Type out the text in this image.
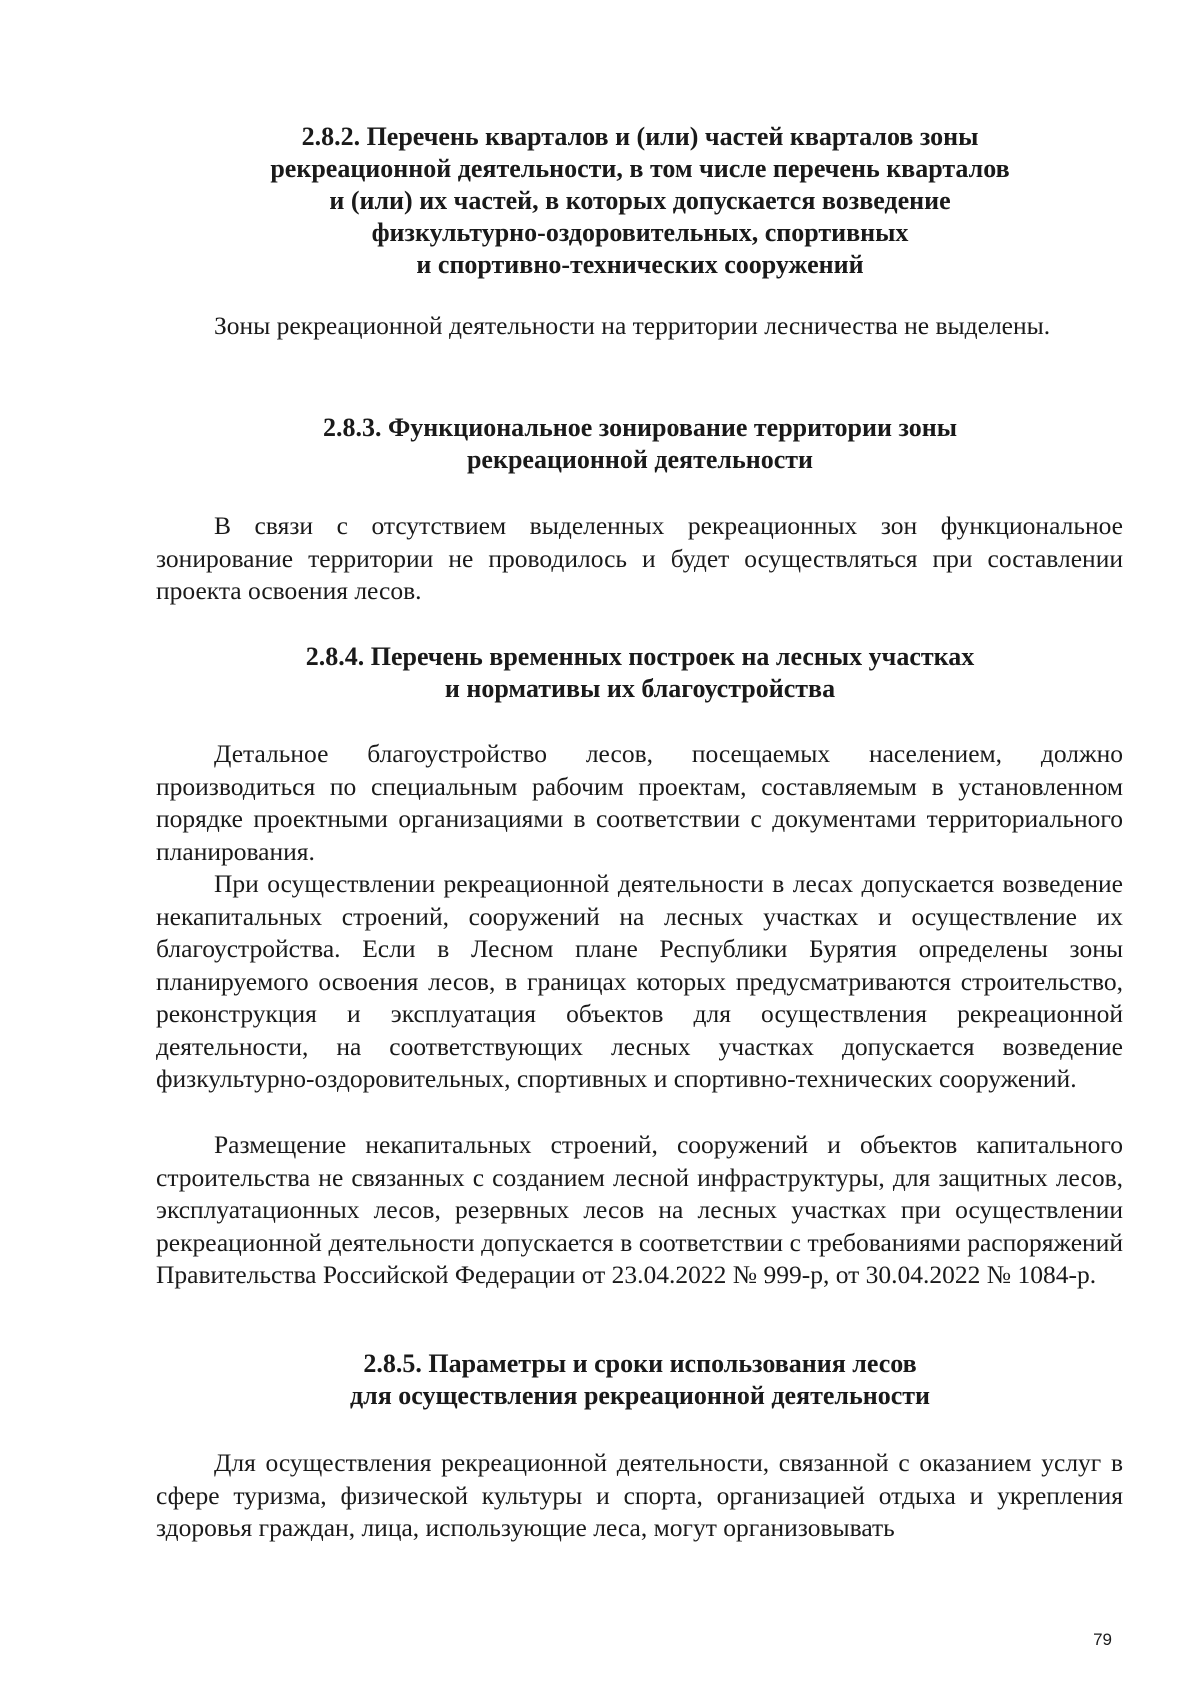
2.8.2. Перечень кварталов и (или) частей кварталов зоны
рекреационной деятельности, в том числе перечень кварталов
и (или) их частей, в которых допускается возведение
физкультурно-оздоровительных, спортивных
и спортивно-технических сооружений

Зоны рекреационной деятельности на территории лесничества не выделены.

2.8.3. Функциональное зонирование территории зоны
рекреационной деятельности

В связи с отсутствием выделенных рекреационных зон функциональное зонирование территории не проводилось и будет осуществляться при составлении проекта освоения лесов.

2.8.4. Перечень временных построек на лесных участках
и нормативы их благоустройства

Детальное благоустройство лесов, посещаемых населением, должно производиться по специальным рабочим проектам, составляемым в установленном порядке проектными организациями в соответствии с документами территориального планирования.

При осуществлении рекреационной деятельности в лесах допускается возведение некапитальных строений, сооружений на лесных участках и осуществление их благоустройства. Если в Лесном плане Республики Бурятия определены зоны планируемого освоения лесов, в границах которых предусматриваются строительство, реконструкция и эксплуатация объектов для осуществления рекреационной деятельности, на соответствующих лесных участках допускается возведение физкультурно-оздоровительных, спортивных и спортивно-технических сооружений.

Размещение некапитальных строений, сооружений и объектов капитального строительства не связанных с созданием лесной инфраструктуры, для защитных лесов, эксплуатационных лесов, резервных лесов на лесных участках при осуществлении рекреационной деятельности допускается в соответствии с требованиями распоряжений Правительства Российской Федерации от 23.04.2022 № 999-р, от 30.04.2022 № 1084-р.

2.8.5. Параметры и сроки использования лесов
для осуществления рекреационной деятельности

Для осуществления рекреационной деятельности, связанной с оказанием услуг в сфере туризма, физической культуры и спорта, организацией отдыха и укрепления здоровья граждан, лица, использующие леса, могут организовывать

79
